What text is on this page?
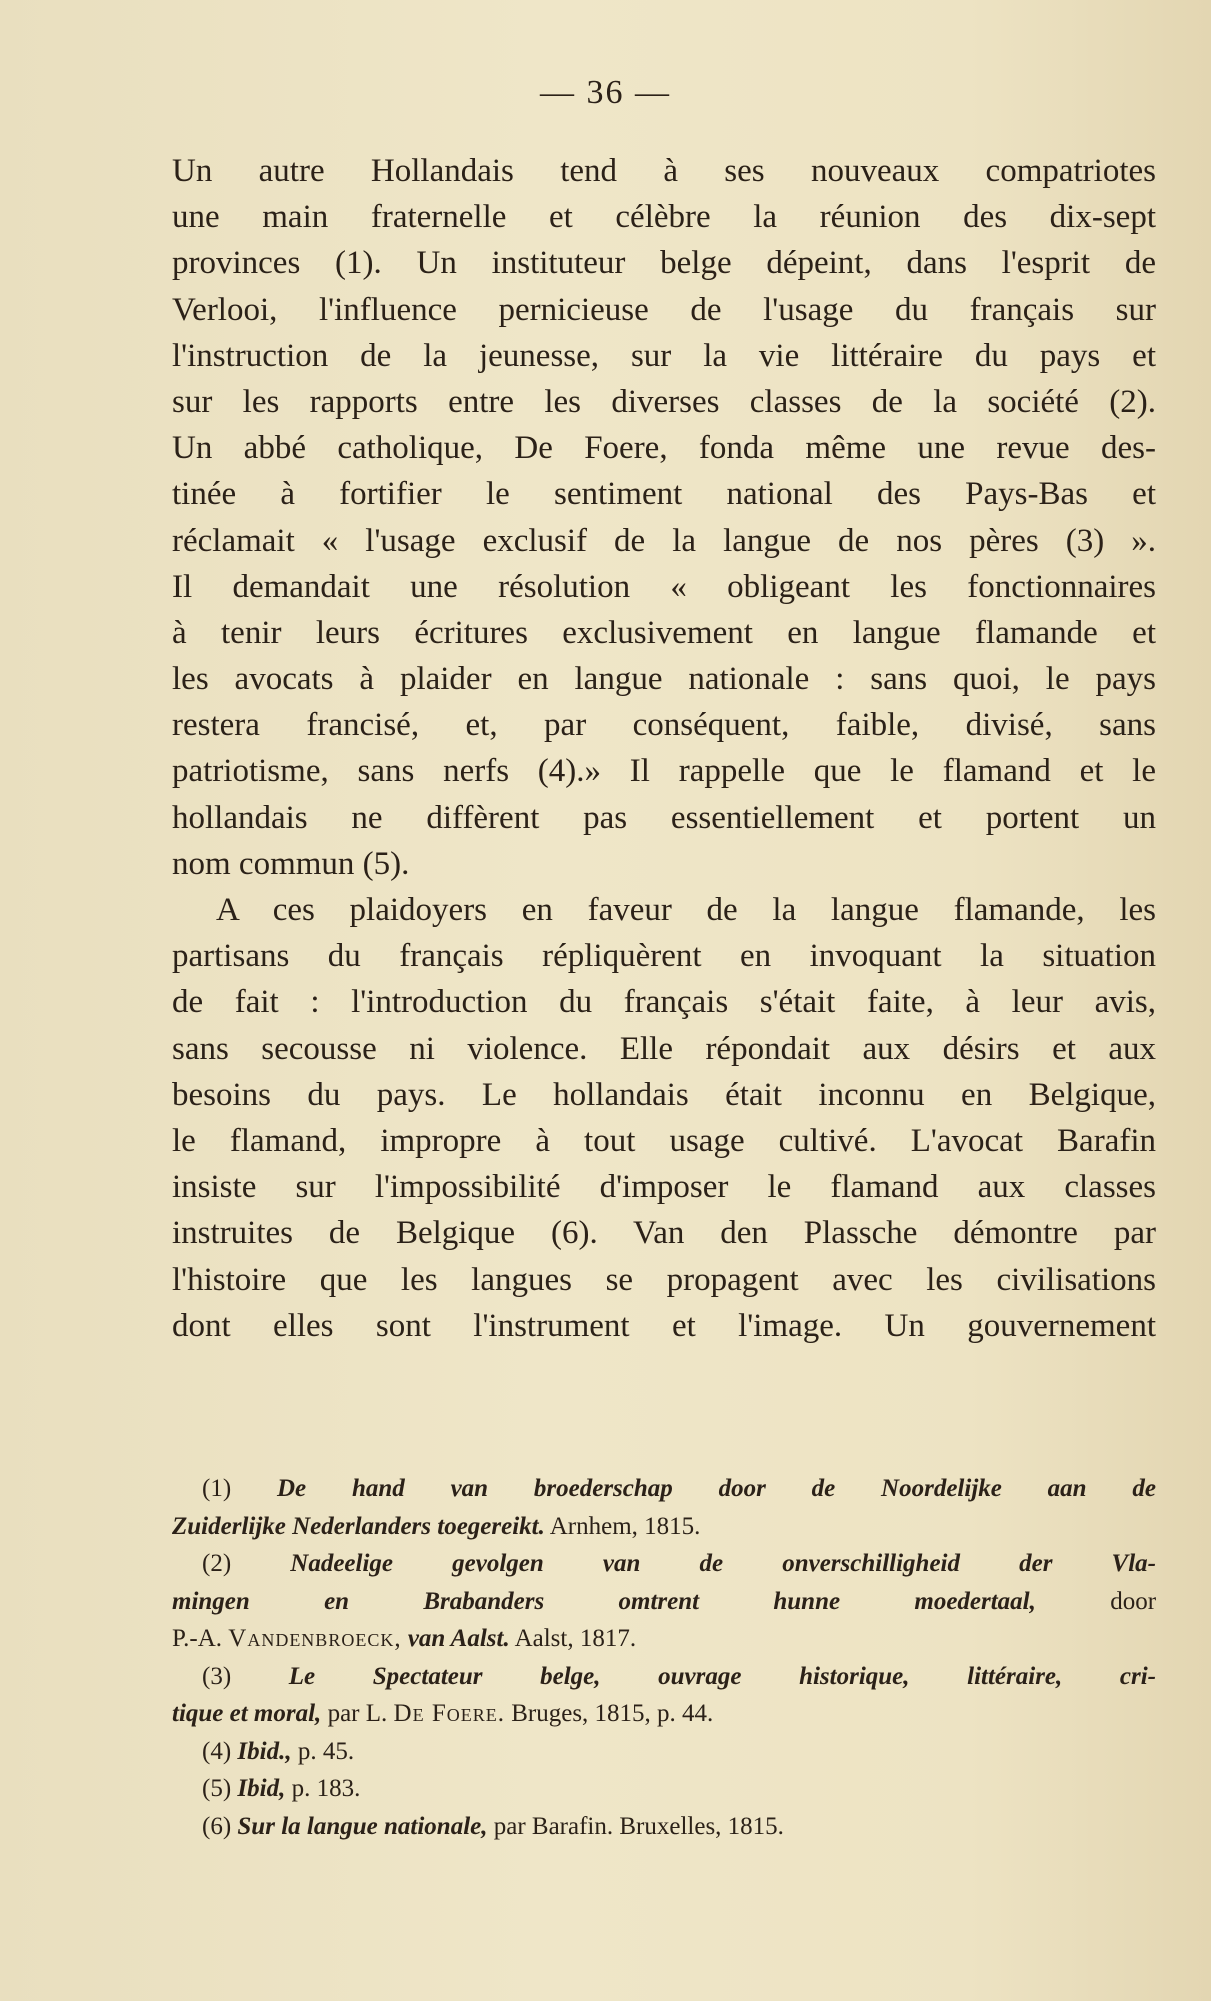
— 36 —
Un autre Hollandais tend à ses nouveaux compatriotes
une main fraternelle et célèbre la réunion des dix-sept
provinces (1). Un instituteur belge dépeint, dans l'esprit de
Verlooi, l'influence pernicieuse de l'usage du français sur
l'instruction de la jeunesse, sur la vie littéraire du pays et
sur les rapports entre les diverses classes de la société (2).
Un abbé catholique, De Foere, fonda même une revue des-
tinée à fortifier le sentiment national des Pays-Bas et
réclamait « l'usage exclusif de la langue de nos pères (3) ».
Il demandait une résolution « obligeant les fonctionnaires
à tenir leurs écritures exclusivement en langue flamande et
les avocats à plaider en langue nationale : sans quoi, le pays
restera francisé, et, par conséquent, faible, divisé, sans
patriotisme, sans nerfs (4).» Il rappelle que le flamand et le
hollandais ne diffèrent pas essentiellement et portent un
nom commun (5).
A ces plaidoyers en faveur de la langue flamande, les
partisans du français répliquèrent en invoquant la situation
de fait : l'introduction du français s'était faite, à leur avis,
sans secousse ni violence. Elle répondait aux désirs et aux
besoins du pays. Le hollandais était inconnu en Belgique,
le flamand, impropre à tout usage cultivé. L'avocat Barafin
insiste sur l'impossibilité d'imposer le flamand aux classes
instruites de Belgique (6). Van den Plassche démontre par
l'histoire que les langues se propagent avec les civilisations
dont elles sont l'instrument et l'image. Un gouvernement
(1) De hand van broederschap door de Noordelijke aan de
Zuiderlijke Nederlanders toegereikt. Arnhem, 1815.
(2) Nadeelige gevolgen van de onverschilligheid der Vla-
mingen en Brabanders omtrent hunne moedertaal,	door
P.-A. Vandenbroeck, van Aalst. Aalst, 1817.
(3) Le Spectateur belge, ouvrage historique, littéraire, cri-
tique et moral, par L. De Foere. Bruges, 1815, p. 44.
(4) Ibid., p. 45.
(5) Ibid, p. 183.
(6) Sur la langue nationale, par Barafin. Bruxelles, 1815.
